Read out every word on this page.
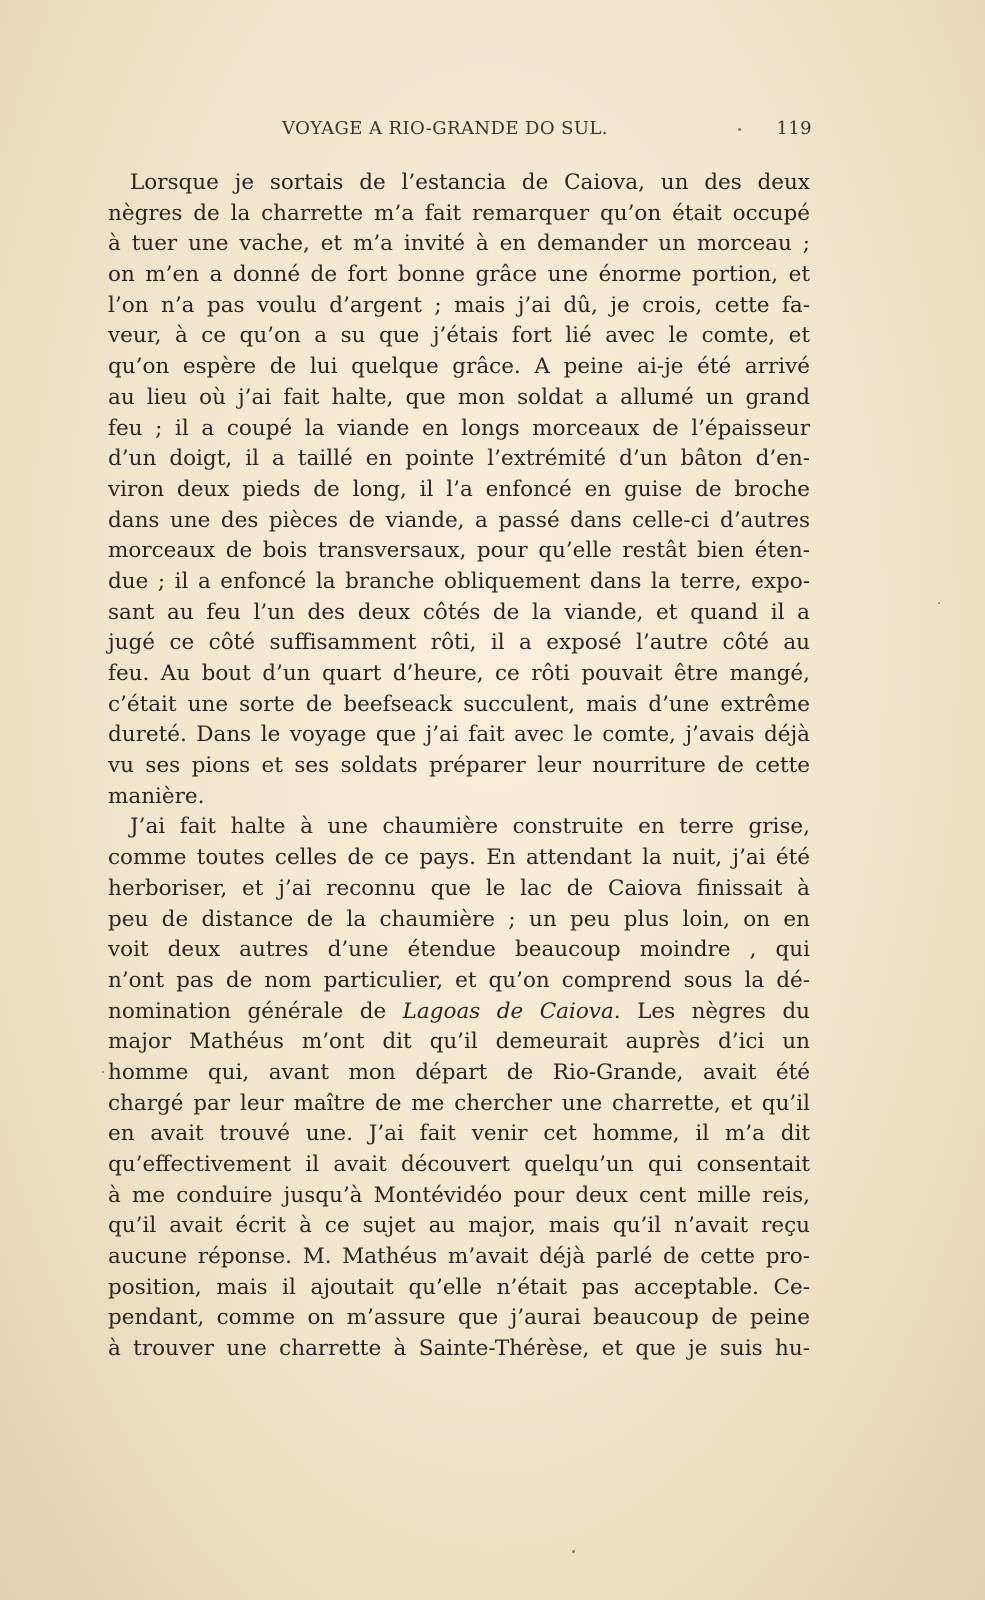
VOYAGE A RIO-GRANDE DO SUL.	119
Lorsque je sortais de l’estancia de Caiova, un des deux
nègres de la charrette m’a fait remarquer qu’on était occupé
à tuer une vache, et m’a invité à en demander un morceau ;
on m’en a donné de fort bonne grâce une énorme portion, et
l’on n’a pas voulu d’argent ; mais j’ai dû, je crois, cette fa-
veur, à ce qu’on a su que j’étais fort lié avec le comte, et
qu’on espère de lui quelque grâce. A peine ai-je été arrivé
au lieu où j’ai fait halte, que mon soldat a allumé un grand
feu ; il a coupé la viande en longs morceaux de l’épaisseur
d’un doigt, il a taillé en pointe l’extrémité d’un bâton d’en-
viron deux pieds de long, il l’a enfoncé en guise de broche
dans une des pièces de viande, a passé dans celle-ci d’autres
morceaux de bois transversaux, pour qu’elle restât bien éten-
due ; il a enfoncé la branche obliquement dans la terre, expo-
sant au feu l’un des deux côtés de la viande, et quand il a
jugé ce côté suffisamment rôti, il a exposé l’autre côté au
feu. Au bout d’un quart d’heure, ce rôti pouvait être mangé,
c’était une sorte de beefseack succulent, mais d’une extrême
dureté. Dans le voyage que j’ai fait avec le comte, j’avais déjà
vu ses pions et ses soldats préparer leur nourriture de cette
manière.
J’ai fait halte à une chaumière construite en terre grise,
comme toutes celles de ce pays. En attendant la nuit, j’ai été
herboriser, et j’ai reconnu que le lac de Caiova finissait à
peu de distance de la chaumière ; un peu plus loin, on en
voit deux autres d’une étendue beaucoup moindre , qui
n’ont pas de nom particulier, et qu’on comprend sous la dé-
nomination générale de Lagoas de Caiova. Les nègres du
major Mathéus m’ont dit qu’il demeurait auprès d’ici un
homme qui, avant mon départ de Rio-Grande, avait été
chargé par leur maître de me chercher une charrette, et qu’il
en avait trouvé une. J’ai fait venir cet homme, il m’a dit
qu’effectivement il avait découvert quelqu’un qui consentait
à me conduire jusqu’à Montévidéo pour deux cent mille reis,
qu’il avait écrit à ce sujet au major, mais qu’il n’avait reçu
aucune réponse. M. Mathéus m’avait déjà parlé de cette pro-
position, mais il ajoutait qu’elle n’était pas acceptable. Ce-
pendant, comme on m’assure que j’aurai beaucoup de peine
à trouver une charrette à Sainte-Thérèse, et que je suis hu-
